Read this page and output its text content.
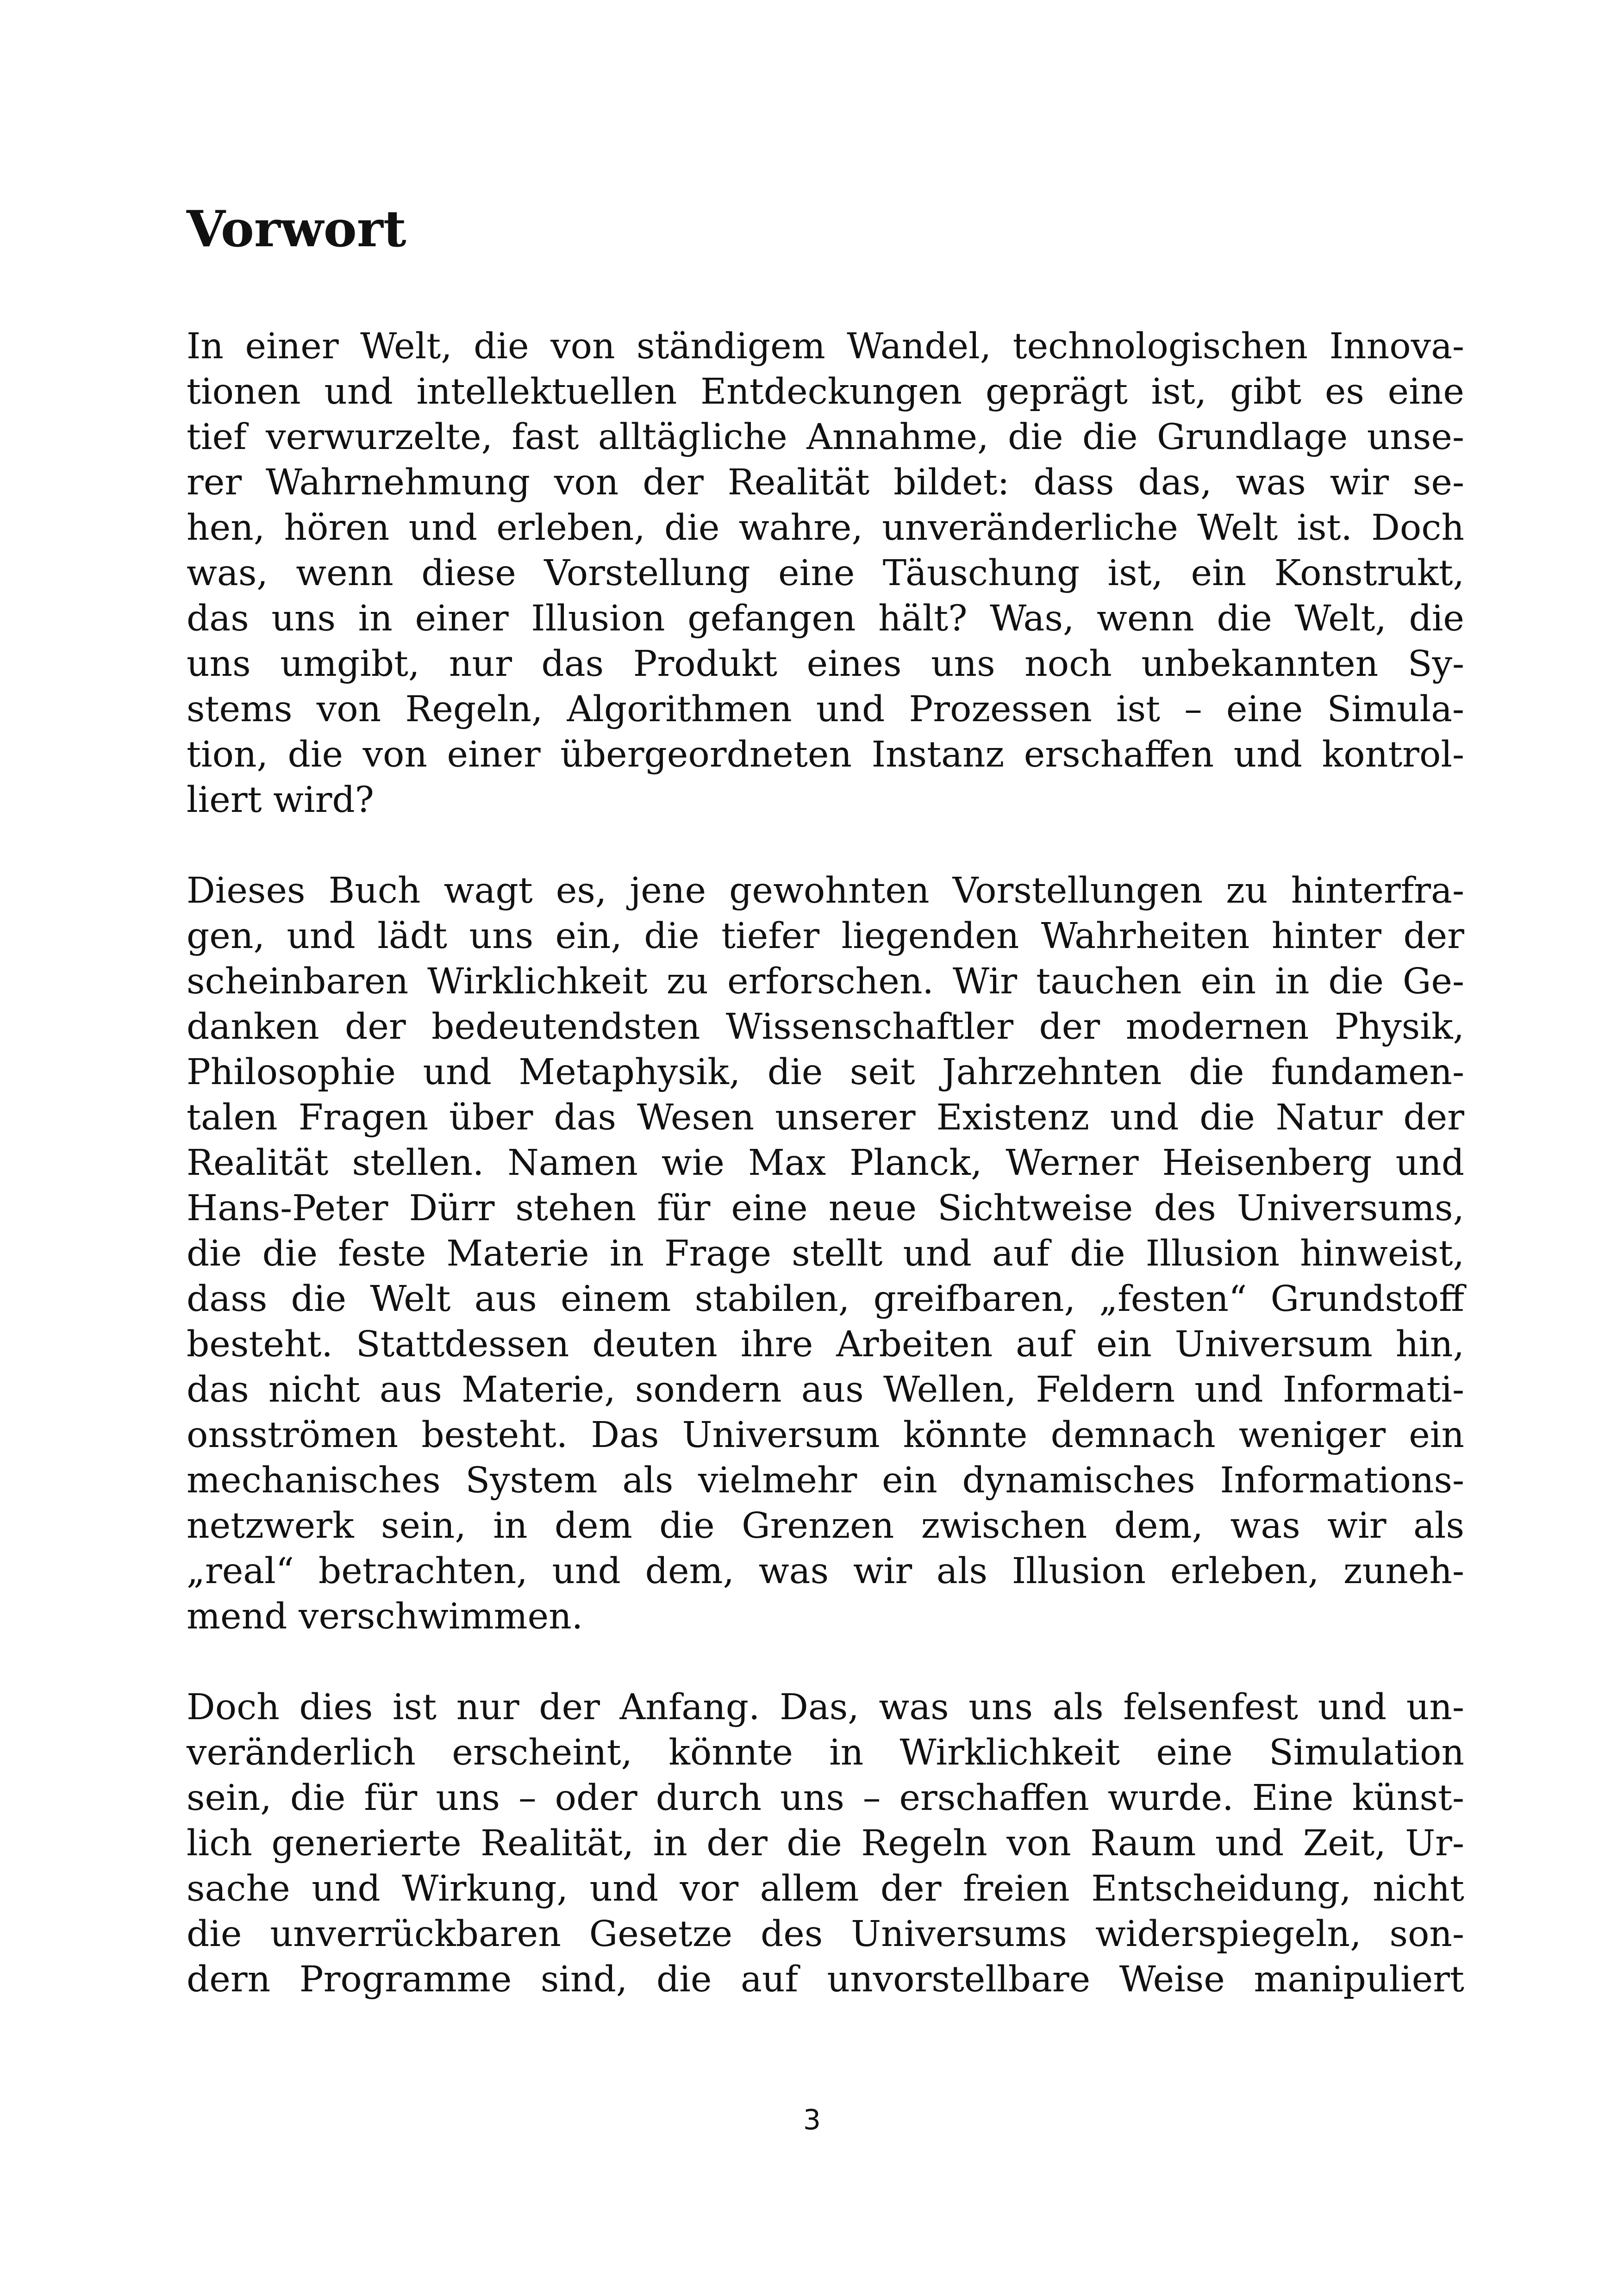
Vorwort
In einer Welt, die von ständigem Wandel, technologischen Innova-
tionen und intellektuellen Entdeckungen geprägt ist, gibt es eine
tief verwurzelte, fast alltägliche Annahme, die die Grundlage unse-
rer Wahrnehmung von der Realität bildet: dass das, was wir se-
hen, hören und erleben, die wahre, unveränderliche Welt ist. Doch
was, wenn diese Vorstellung eine Täuschung ist, ein Konstrukt,
das uns in einer Illusion gefangen hält? Was, wenn die Welt, die
uns umgibt, nur das Produkt eines uns noch unbekannten Sy-
stems von Regeln, Algorithmen und Prozessen ist – eine Simula-
tion, die von einer übergeordneten Instanz erschaffen und kontrol-
liert wird?
Dieses Buch wagt es, jene gewohnten Vorstellungen zu hinterfra-
gen, und lädt uns ein, die tiefer liegenden Wahrheiten hinter der
scheinbaren Wirklichkeit zu erforschen. Wir tauchen ein in die Ge-
danken der bedeutendsten Wissenschaftler der modernen Physik,
Philosophie und Metaphysik, die seit Jahrzehnten die fundamen-
talen Fragen über das Wesen unserer Existenz und die Natur der
Realität stellen. Namen wie Max Planck, Werner Heisenberg und
Hans-Peter Dürr stehen für eine neue Sichtweise des Universums,
die die feste Materie in Frage stellt und auf die Illusion hinweist,
dass die Welt aus einem stabilen, greifbaren, „festen“ Grundstoff
besteht. Stattdessen deuten ihre Arbeiten auf ein Universum hin,
das nicht aus Materie, sondern aus Wellen, Feldern und Informati-
onsströmen besteht. Das Universum könnte demnach weniger ein
mechanisches System als vielmehr ein dynamisches Informations-
netzwerk sein, in dem die Grenzen zwischen dem, was wir als
„real“ betrachten, und dem, was wir als Illusion erleben, zuneh-
mend verschwimmen.
Doch dies ist nur der Anfang. Das, was uns als felsenfest und un-
veränderlich erscheint, könnte in Wirklichkeit eine Simulation
sein, die für uns – oder durch uns – erschaffen wurde. Eine künst-
lich generierte Realität, in der die Regeln von Raum und Zeit, Ur-
sache und Wirkung, und vor allem der freien Entscheidung, nicht
die unverrückbaren Gesetze des Universums widerspiegeln, son-
dern Programme sind, die auf unvorstellbare Weise manipuliert
3
